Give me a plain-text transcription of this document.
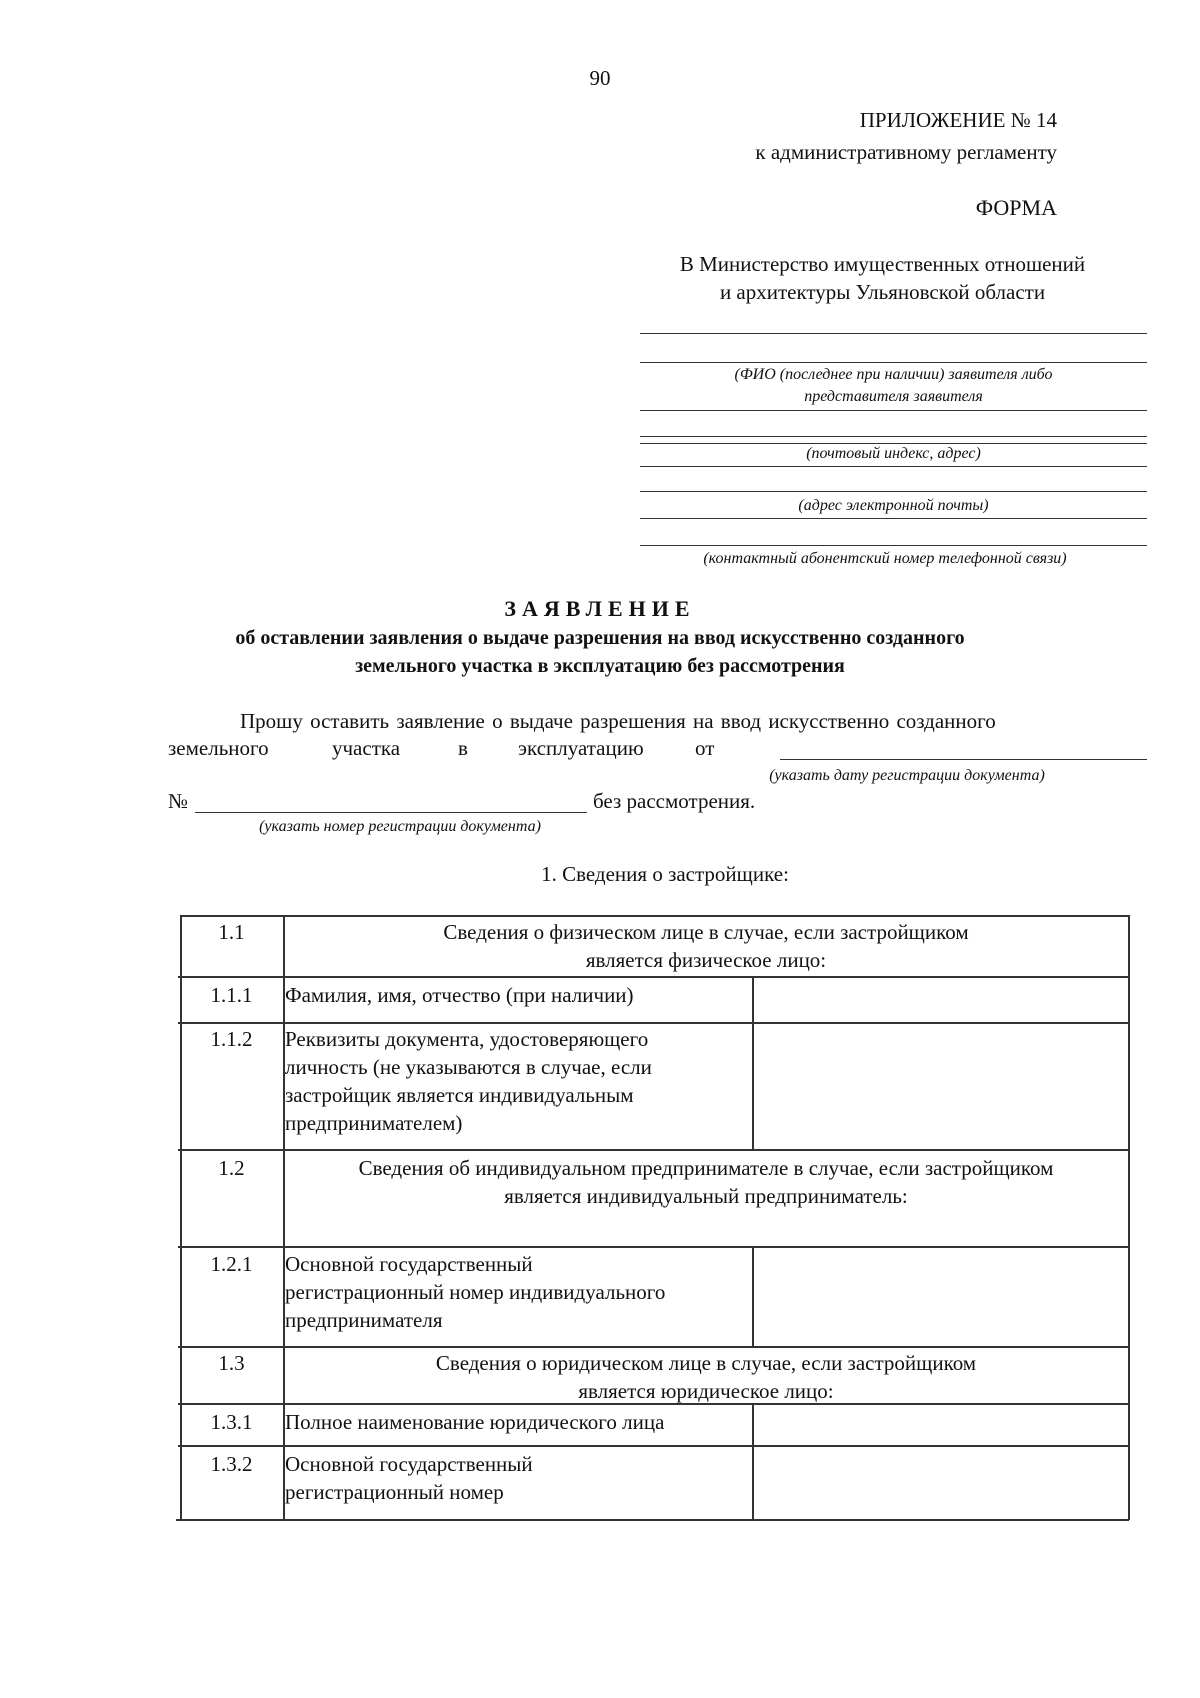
90
ПРИЛОЖЕНИЕ № 14
к административному регламенту
ФОРМА
В Министерство имущественных отношений
и архитектуры Ульяновской области
(ФИО (последнее при наличии) заявителя либо
представителя заявителя
(почтовый индекс, адрес)
(адрес электронной почты)
(контактный абонентский номер телефонной связи)
ЗАЯВЛЕНИЕ
об оставлении заявления о выдаче разрешения на ввод искусственно созданного
земельного участка в эксплуатацию без рассмотрения
Прошу оставить заявление о выдаче разрешения на ввод искусственно созданного
земельного	участка	в эксплуатацию от
(указать дату регистрации документа)
№	без рассмотрения.
(указать номер регистрации документа)
1. Сведения о застройщике:
1.1	Сведения о физическом лице в случае, если застройщиком
является физическое лицо:
1.1.1	Фамилия, имя, отчество (при наличии)
1.1.2	Реквизиты документа, удостоверяющего
личность (не указываются в случае, если
застройщик является индивидуальным
предпринимателем)
1.2	Сведения об индивидуальном предпринимателе в случае, если застройщиком
является индивидуальный предприниматель:
1.2.1	Основной государственный
регистрационный номер индивидуального
предпринимателя
1.3	Сведения о юридическом лице в случае, если застройщиком
является юридическое лицо:
1.3.1	Полное наименование юридического лица
1.3.2	Основной государственный
регистрационный номер
